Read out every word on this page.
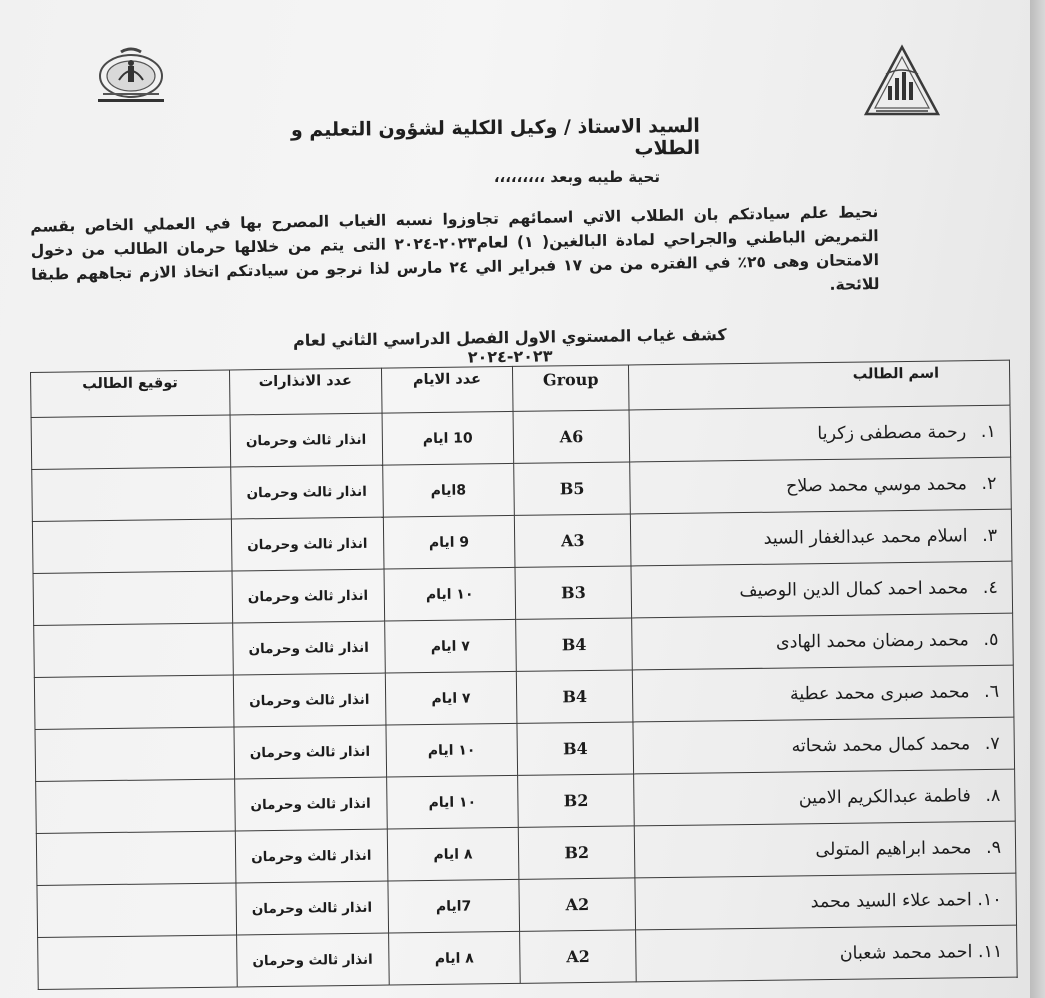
السيد الاستاذ / وكيل الكلية لشؤون التعليم و الطلاب
تحية طيبه وبعد ،،،،،،،،،
نحيط علم سيادتكم بان الطلاب الاتي اسمائهم تجاوزوا نسبه الغياب المصرح بها في العملي الخاص بقسم التمريض الباطني والجراحي لمادة البالغين( ١) لعام٢٠٢٣-٢٠٢٤ التى يتم من خلالها حرمان الطالب من دخول الامتحان وهى ٢٥٪ في الفتره من من ١٧ فبراير الي ٢٤ مارس لذا نرجو من سيادتكم اتخاذ الازم تجاههم طبقا للائحة.
كشف غياب المستوي الاول الفصل الدراسي الثاني لعام ٢٠٢٣-٢٠٢٤
توقيع الطالب	عدد الانذارات	عدد الايام	Group	اسم الطالب
	انذار ثالث وحرمان	10 ايام	A6	١. رحمة مصطفى زكريا
	انذار ثالث وحرمان	8ايام	B5	٢. محمد موسي محمد صلاح
	انذار ثالث وحرمان	9 ايام	A3	٣. اسلام محمد عبدالغفار السيد
	انذار ثالث وحرمان	١٠ ايام	B3	٤. محمد احمد كمال الدين الوصيف
	انذار ثالث وحرمان	٧ ايام	B4	٥. محمد رمضان محمد الهادى
	انذار ثالث وحرمان	٧ ايام	B4	٦. محمد صبرى محمد عطية
	انذار ثالث وحرمان	١٠ ايام	B4	٧. محمد كمال محمد شحاته
	انذار ثالث وحرمان	١٠ ايام	B2	٨. فاطمة عبدالكريم الامين
	انذار ثالث وحرمان	٨ ايام	B2	٩. محمد ابراهيم المتولى
	انذار ثالث وحرمان	7ايام	A2	١٠. احمد علاء السيد محمد
	انذار ثالث وحرمان	٨ ايام	A2	١١. احمد محمد شعبان
